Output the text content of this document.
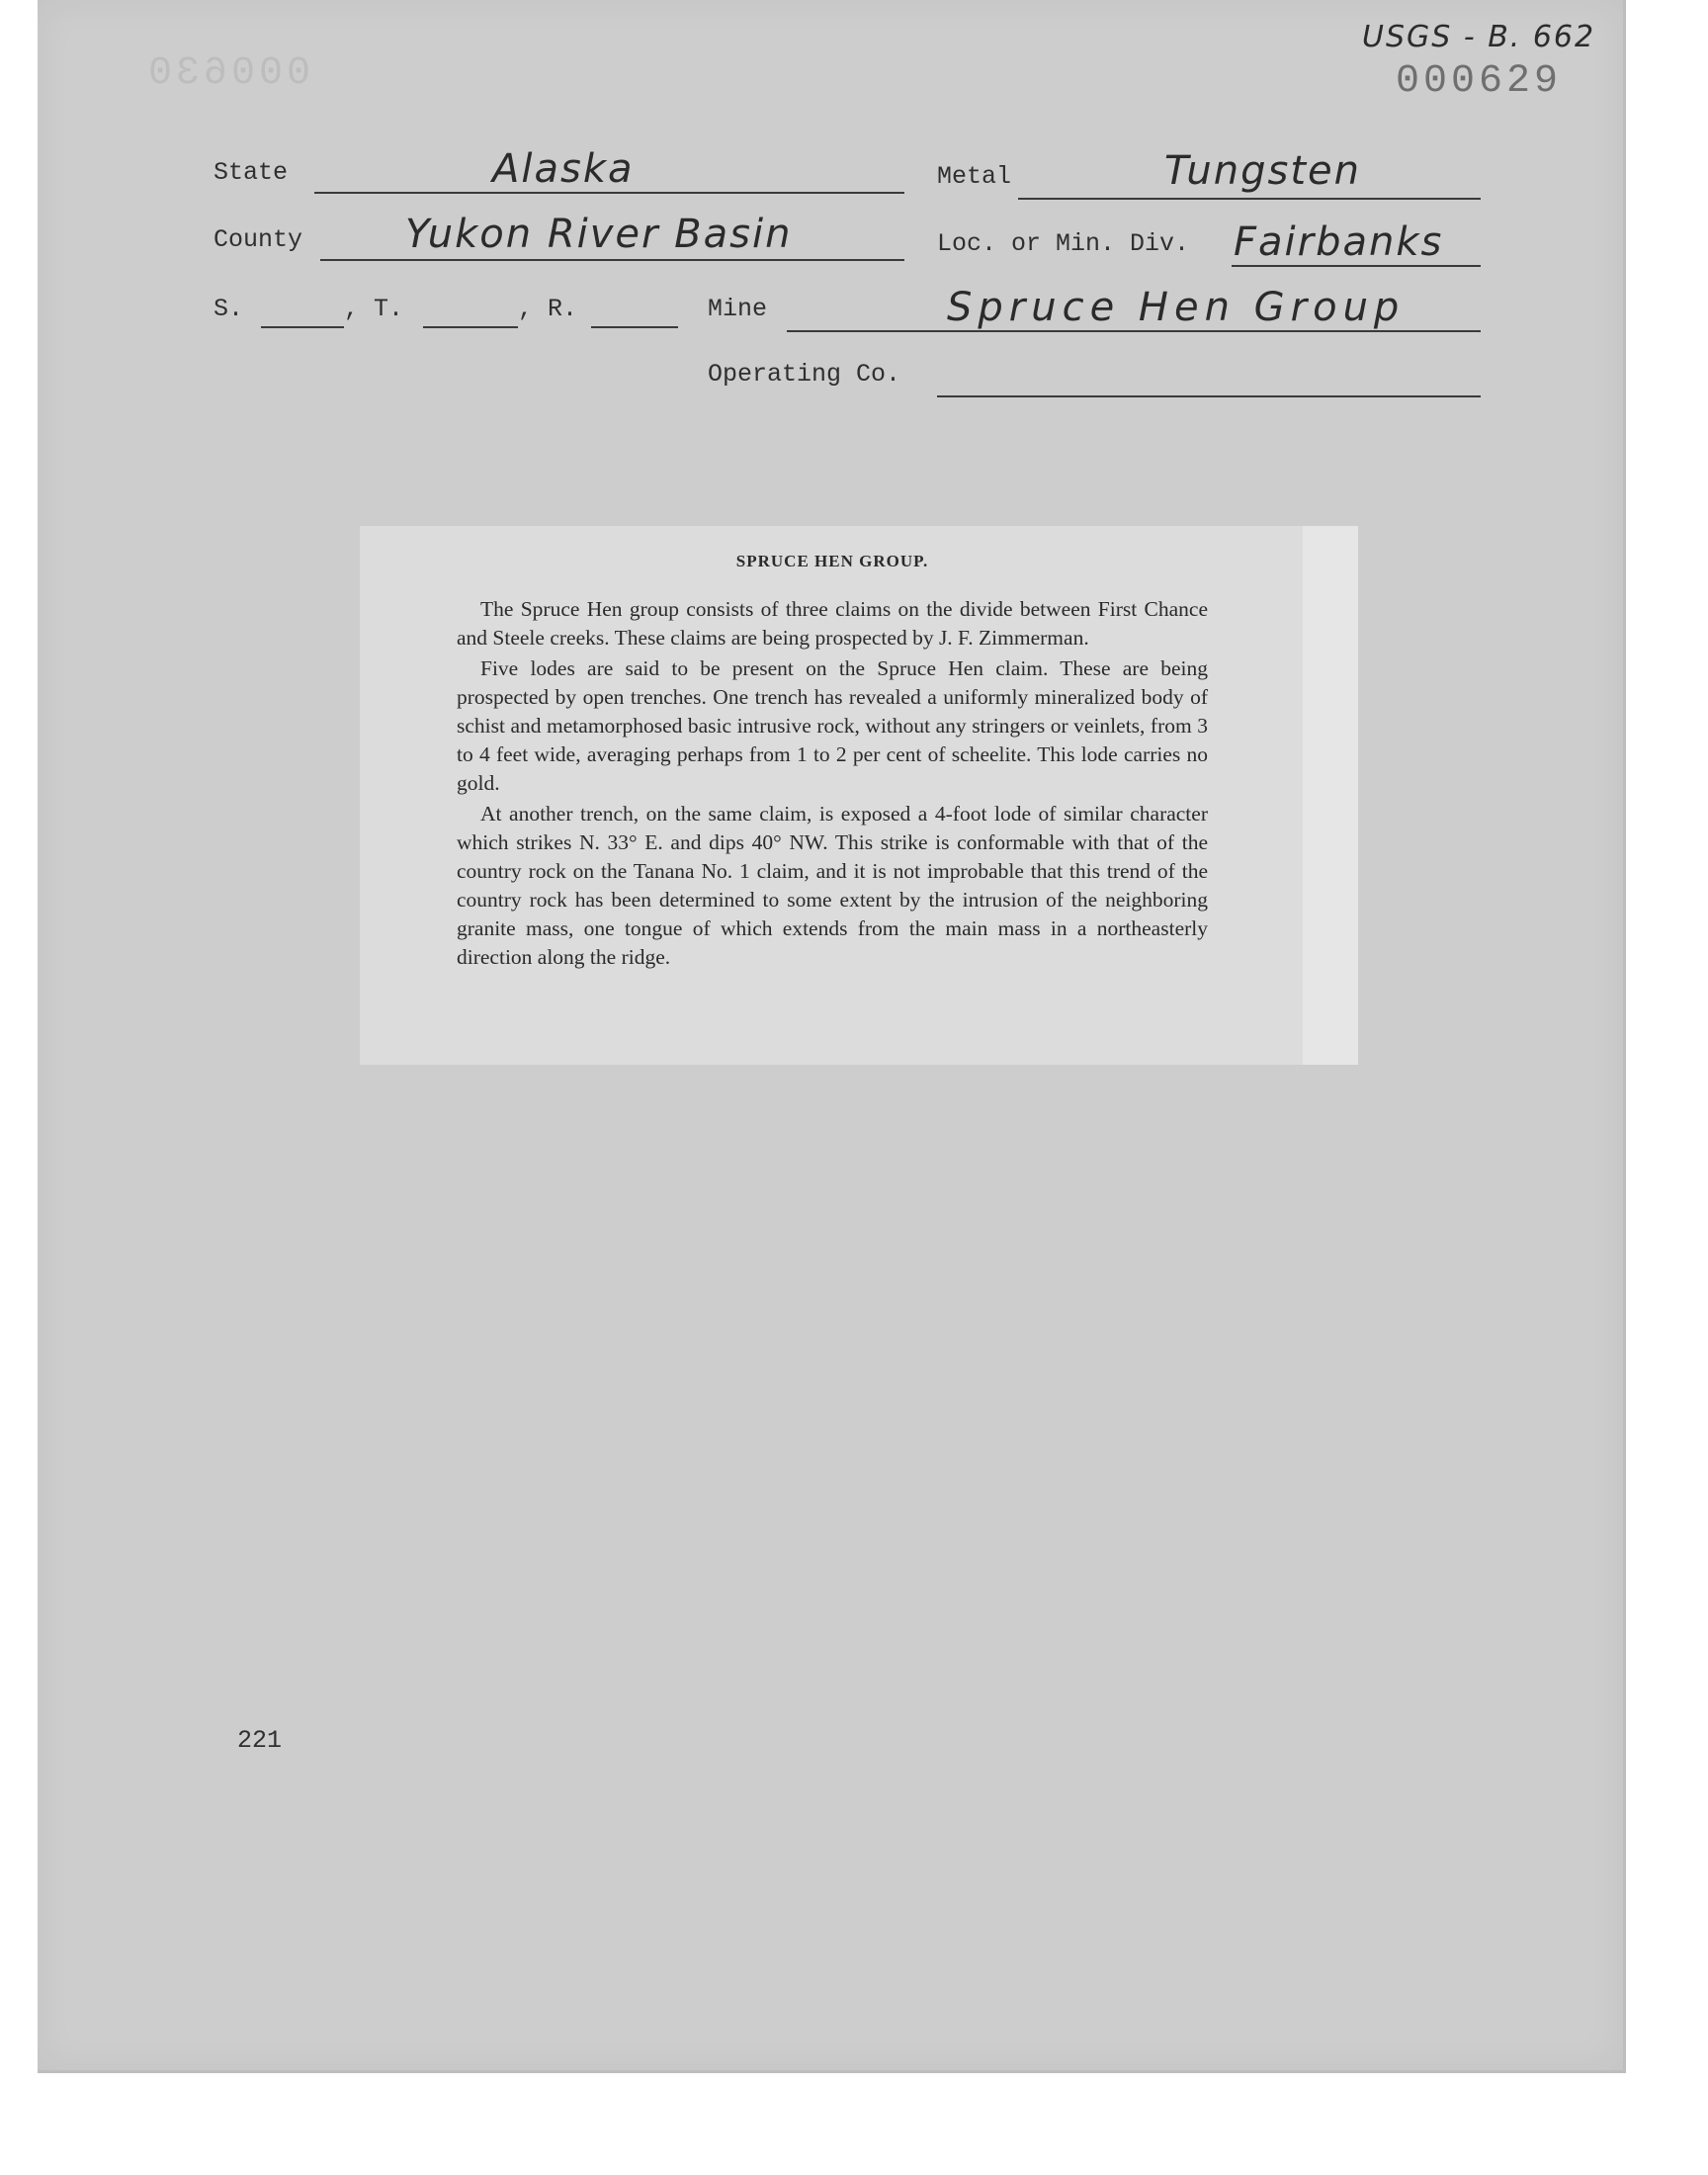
USGS - B. 662
000629
000630
State	Alaska	Metal	Tungsten
County	Yukon River Basin	Loc. or Min. Div. Fairbanks
S.	, T.	, R.	Mine	Spruce Hen Group
Operating Co.
SPRUCE HEN GROUP.

The Spruce Hen group consists of three claims on the divide between First Chance and Steele creeks. These claims are being prospected by J. F. Zimmerman.

Five lodes are said to be present on the Spruce Hen claim. These are being prospected by open trenches. One trench has revealed a uniformly mineralized body of schist and metamorphosed basic intrusive rock, without any stringers or veinlets, from 3 to 4 feet wide, averaging perhaps from 1 to 2 per cent of scheelite. This lode carries no gold.

At another trench, on the same claim, is exposed a 4-foot lode of similar character which strikes N. 33° E. and dips 40° NW. This strike is conformable with that of the country rock on the Tanana No. 1 claim, and it is not improbable that this trend of the country rock has been determined to some extent by the intrusion of the neighboring granite mass, one tongue of which extends from the main mass in a northeasterly direction along the ridge.

221
